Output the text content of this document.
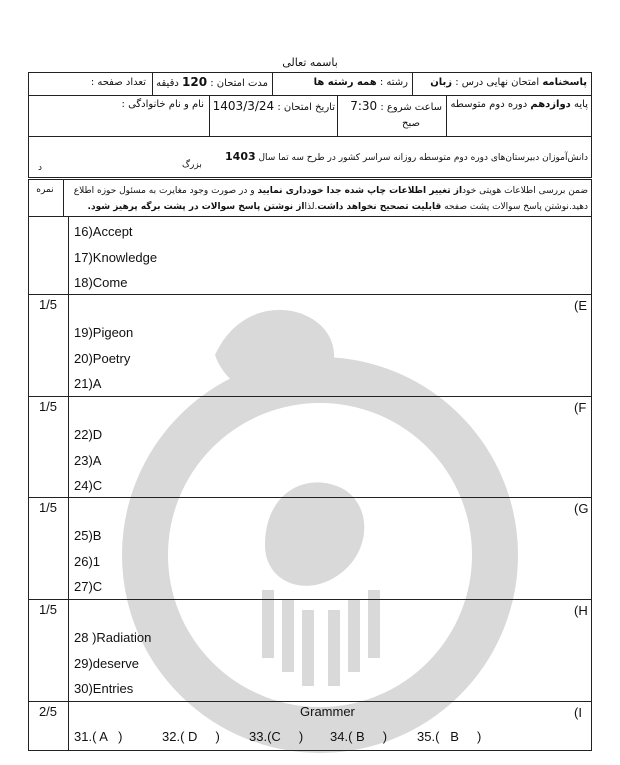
باسمه تعالی
پاسخنامه امتحان نهایی درس : زبان
رشته : همه رشته ها
مدت امتحان : 120 دقیقه
تعداد صفحه :
پایه دوازدهم دوره دوم متوسطه
ساعت شروع : 7:30
صبح
تاریخ امتحان : 1403/3/24
نام و نام خانوادگی :
دانش‌آموزان دبیرستان‌های دوره دوم متوسطه روزانه سراسر کشور در طرح سه تما سال 1403
بزرگ
د
ضمن بررسی اطلاعات هویتی خوداز تغییر اطلاعات چاپ شده جدا خودداری نمایید و در صورت وجود مغایرت به مسئول حوزه اطلاع
دهید.نوشتن پاسخ سوالات پشت صفحه قابلیت تصحیح نخواهد داشت.لذااز نوشتن پاسخ سوالات در پشت برگه پرهیز شود.
نمره
16)Accept
17)Knowledge
18)Come
(E
1/5
19)Pigeon
20)Poetry
21)A
(F
1/5
22)D
23)A
24)C
(G
1/5
25)B
26)1
27)C
(H
1/5
28 )Radiation
29)deserve
30)Entries
(I
2/5	Grammer
31.( A   )	32.( D     ) 33.(C     ) 34.( B     ) 35.(   B     )
